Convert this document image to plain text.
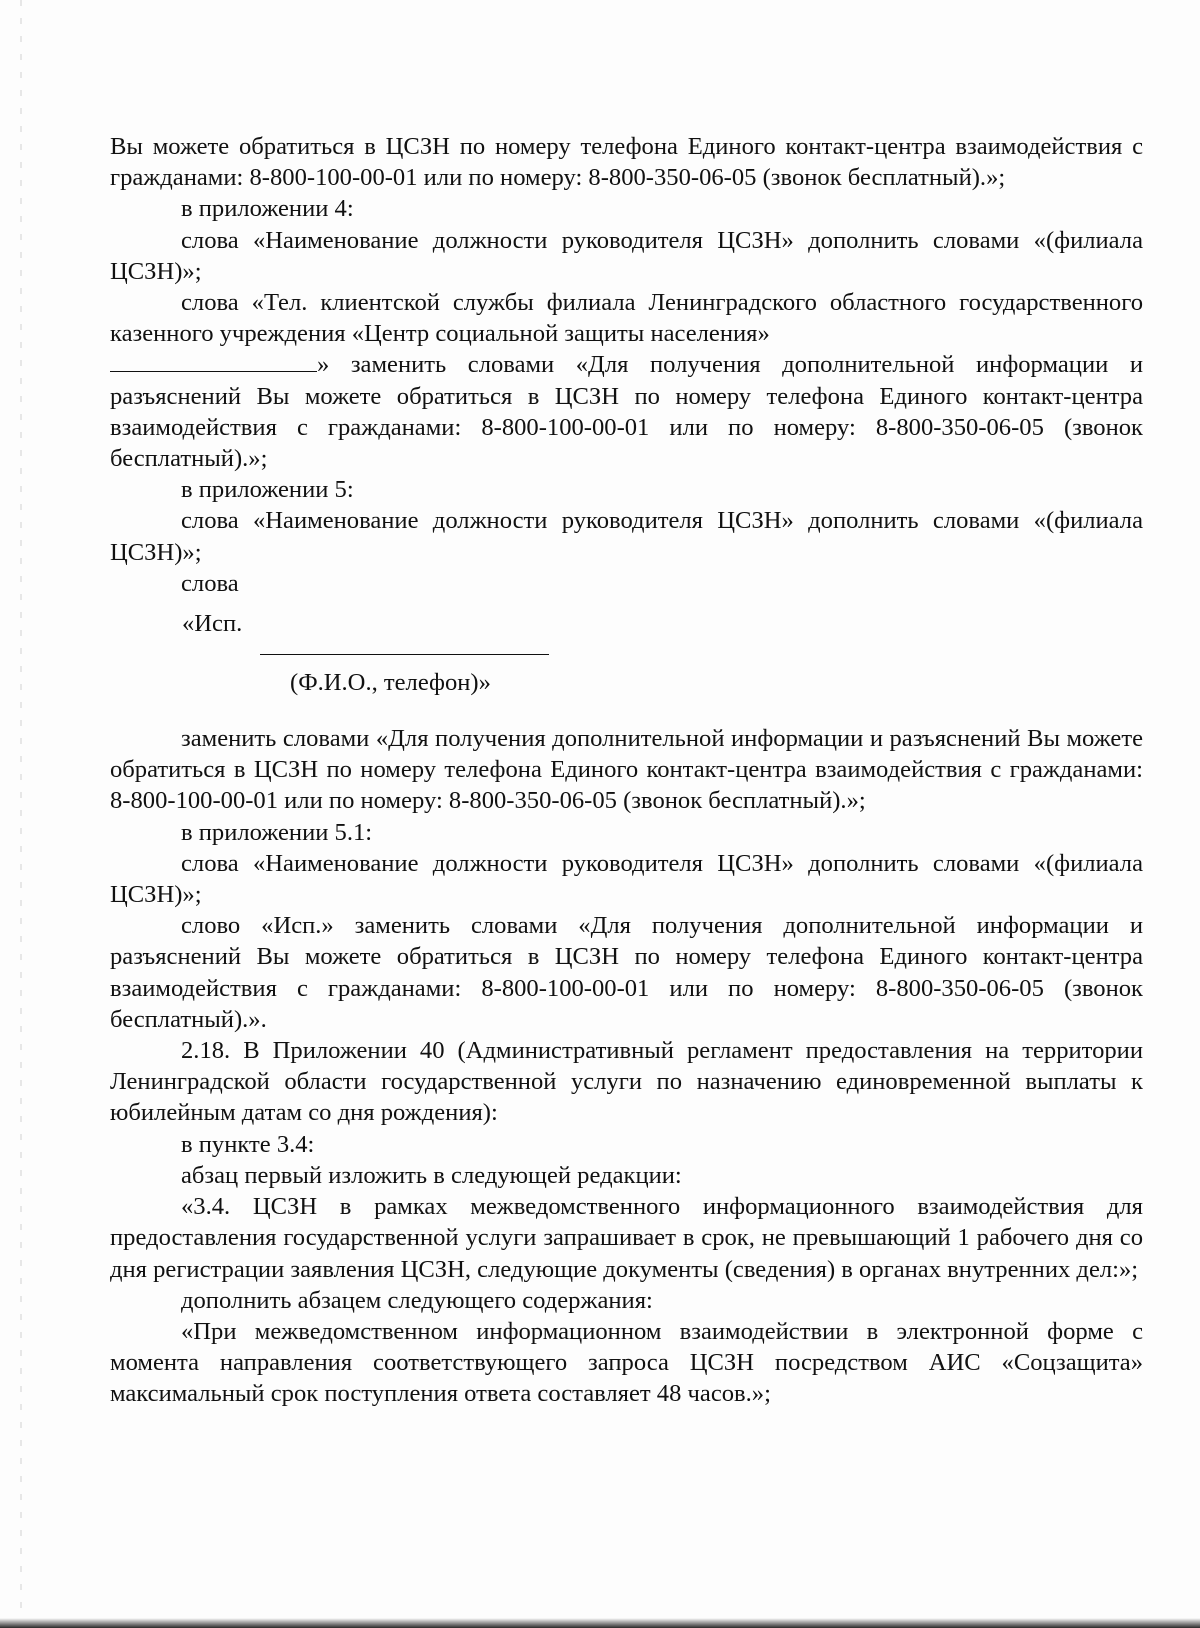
Вы можете обратиться в ЦСЗН по номеру телефона Единого контакт-центра взаимодействия с гражданами: 8-800-100-00-01 или по номеру: 8-800-350-06-05 (звонок бесплатный).»;

в приложении 4:

слова «Наименование должности руководителя ЦСЗН» дополнить словами «(филиала ЦСЗН)»;

слова «Тел. клиентской службы филиала Ленинградского областного государственного казенного учреждения «Центр социальной защиты населения»

» заменить словами «Для получения дополнительной информации и разъяснений Вы можете обратиться в ЦСЗН по номеру телефона Единого контакт-центра взаимодействия с гражданами: 8-800-100-00-01 или по номеру: 8-800-350-06-05 (звонок бесплатный).»;

в приложении 5:

слова «Наименование должности руководителя ЦСЗН» дополнить словами «(филиала ЦСЗН)»;

слова

«Исп.
(Ф.И.О., телефон)»

заменить словами «Для получения дополнительной информации и разъяснений Вы можете обратиться в ЦСЗН по номеру телефона Единого контакт-центра взаимодействия с гражданами: 8-800-100-00-01 или по номеру: 8-800-350-06-05 (звонок бесплатный).»;

в приложении 5.1:

слова «Наименование должности руководителя ЦСЗН» дополнить словами «(филиала ЦСЗН)»;

слово «Исп.» заменить словами «Для получения дополнительной информации и разъяснений Вы можете обратиться в ЦСЗН по номеру телефона Единого контакт-центра взаимодействия с гражданами: 8-800-100-00-01 или по номеру: 8-800-350-06-05 (звонок бесплатный).».

2.18. В Приложении 40 (Административный регламент предоставления на территории Ленинградской области государственной услуги по назначению единовременной выплаты к юбилейным датам со дня рождения):

в пункте 3.4:

абзац первый изложить в следующей редакции:

«3.4. ЦСЗН в рамках межведомственного информационного взаимодействия для предоставления государственной услуги запрашивает в срок, не превышающий 1 рабочего дня со дня регистрации заявления ЦСЗН, следующие документы (сведения) в органах внутренних дел:»;

дополнить абзацем следующего содержания:

«При межведомственном информационном взаимодействии в электронной форме с момента направления соответствующего запроса ЦСЗН посредством АИС «Соцзащита» максимальный срок поступления ответа составляет 48 часов.»;
